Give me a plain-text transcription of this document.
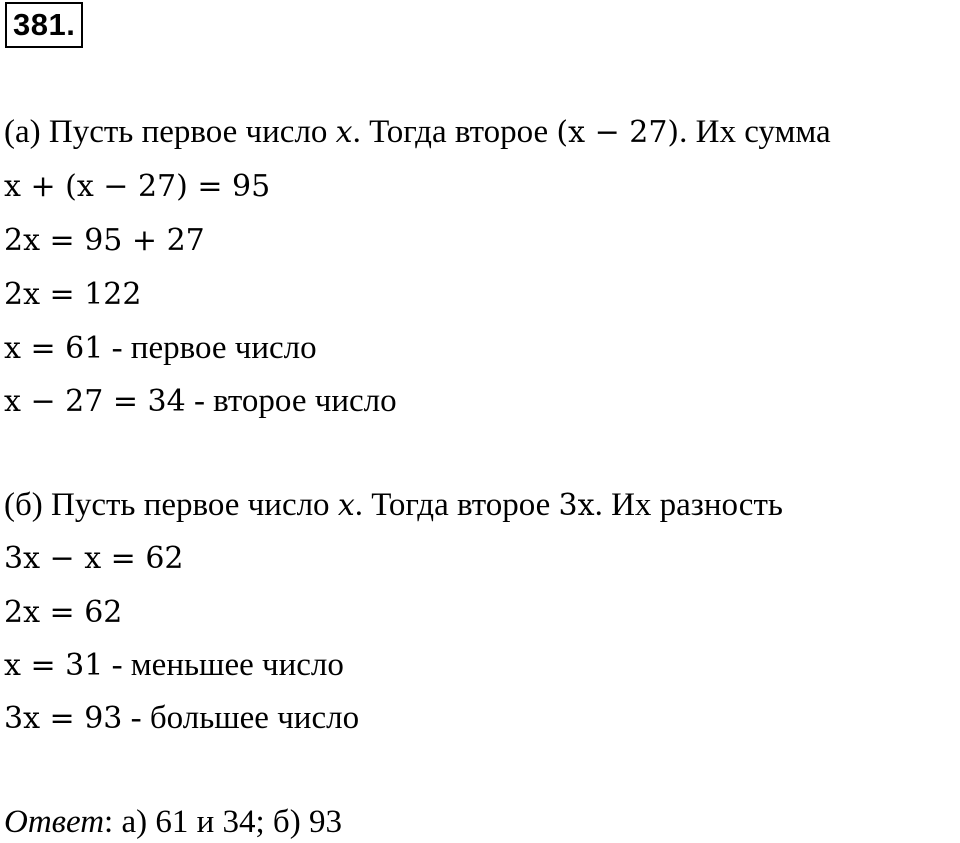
381.
(а) Пусть первое число x. Тогда второе (x − 27). Их сумма
x + (x − 27) = 95
2x = 95 + 27
2x = 122
x = 61 - первое число
x − 27 = 34 - второе число
(б) Пусть первое число x. Тогда второе 3x. Их разность
3x − x = 62
2x = 62
x = 31 - меньшее число
3x = 93 - большее число
Ответ: а) 61 и 34; б) 93
